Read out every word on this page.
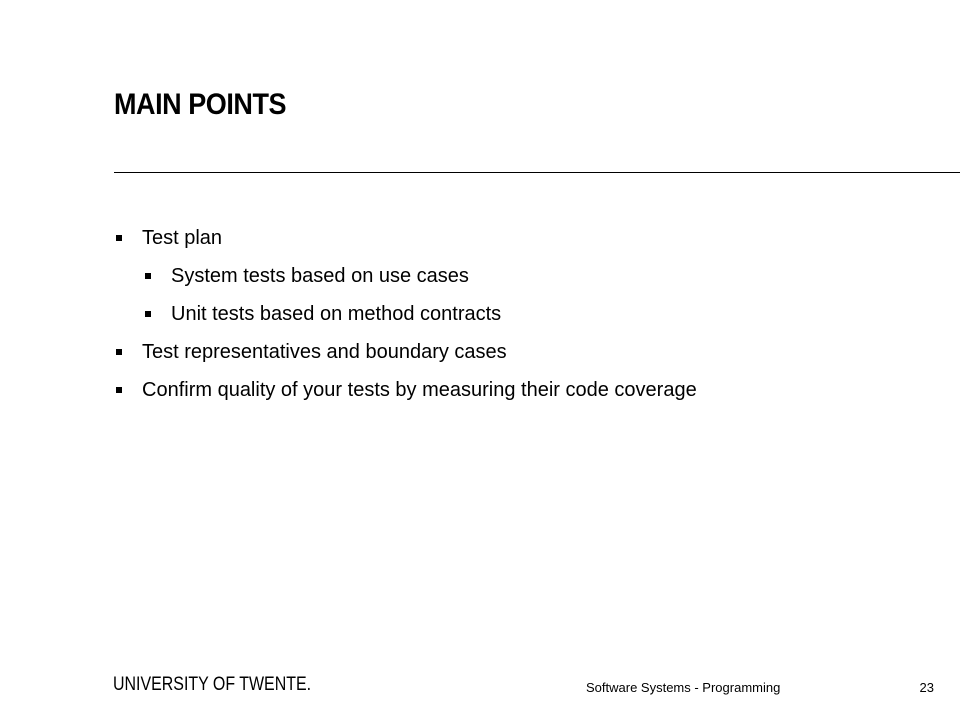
MAIN POINTS
Test plan
System tests based on use cases
Unit tests based on method contracts
Test representatives and boundary cases
Confirm quality of your tests by measuring their code coverage
UNIVERSITY OF TWENTE.	Software Systems - Programming	23
